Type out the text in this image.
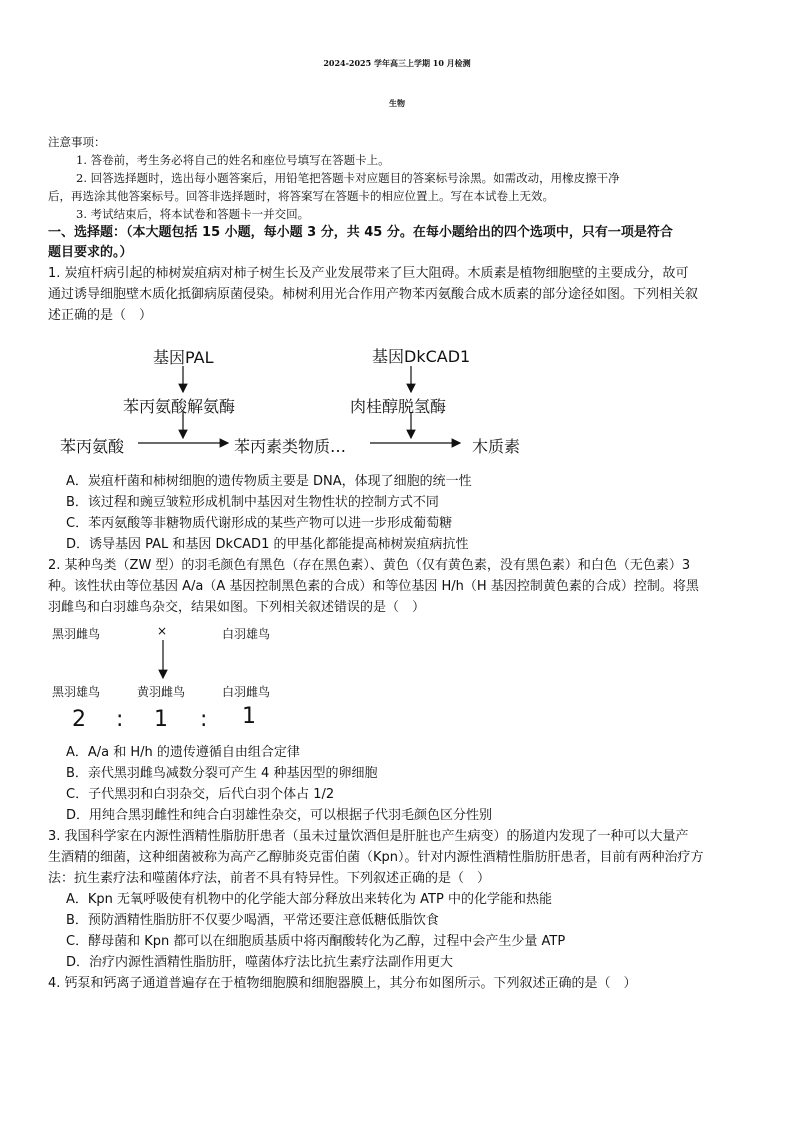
2024-2025 学年高三上学期 10 月检测
生物
注意事项：
1. 答卷前，考生务必将自己的姓名和座位号填写在答题卡上。
2. 回答选择题时，选出每小题答案后，用铅笔把答题卡对应题目的答案标号涂黑。如需改动，用橡皮擦干净
后，再选涂其他答案标号。回答非选择题时，将答案写在答题卡的相应位置上。写在本试卷上无效。
3. 考试结束后，将本试卷和答题卡一并交回。
一、选择题：（本大题包括 15 小题，每小题 3 分，共 45 分。在每小题给出的四个选项中，只有一项是符合
题目要求的。）
1. 炭疽杆病引起的柿树炭疽病对柿子树生长及产业发展带来了巨大阻碍。木质素是植物细胞壁的主要成分，故可
通过诱导细胞壁木质化抵御病原菌侵染。柿树利用光合作用产物苯丙氨酸合成木质素的部分途径如图。下列相关叙
述正确的是（　）
基因PAL
苯丙氨酸解氨酶
基因DkCAD1
肉桂醇脱氢酶
苯丙氨酸	苯丙素类物质…	木质素
A．炭疽杆菌和柿树细胞的遗传物质主要是 DNA，体现了细胞的统一性
B．该过程和豌豆皱粒形成机制中基因对生物性状的控制方式不同
C．苯丙氨酸等非糖物质代谢形成的某些产物可以进一步形成葡萄糖
D．诱导基因 PAL 和基因 DkCAD1 的甲基化都能提高柿树炭疽病抗性
2. 某种鸟类（ZW 型）的羽毛颜色有黑色（存在黑色素）、黄色（仅有黄色素，没有黑色素）和白色（无色素）3
种。该性状由等位基因 A/a（A 基因控制黑色素的合成）和等位基因 H/h（H 基因控制黄色素的合成）控制。将黑
羽雌鸟和白羽雄鸟杂交，结果如图。下列相关叙述错误的是（　）
黑羽雌鸟	×	白羽雄鸟
黑羽雄鸟	黄羽雌鸟	白羽雌鸟
2 : 1 : 1
A．A/a 和 H/h 的遗传遵循自由组合定律
B．亲代黑羽雌鸟减数分裂可产生 4 种基因型的卵细胞
C．子代黑羽和白羽杂交，后代白羽个体占 1/2
D．用纯合黑羽雌性和纯合白羽雄性杂交，可以根据子代羽毛颜色区分性别
3. 我国科学家在内源性酒精性脂肪肝患者（虽未过量饮酒但是肝脏也产生病变）的肠道内发现了一种可以大量产
生酒精的细菌，这种细菌被称为高产乙醇肺炎克雷伯菌（Kpn）。针对内源性酒精性脂肪肝患者，目前有两种治疗方
法：抗生素疗法和噬菌体疗法，前者不具有特异性。下列叙述正确的是（　）
A．Kpn 无氧呼吸使有机物中的化学能大部分释放出来转化为 ATP 中的化学能和热能
B．预防酒精性脂肪肝不仅要少喝酒，平常还要注意低糖低脂饮食
C．酵母菌和 Kpn 都可以在细胞质基质中将丙酮酸转化为乙醇，过程中会产生少量 ATP
D．治疗内源性酒精性脂肪肝，噬菌体疗法比抗生素疗法副作用更大
4. 钙泵和钙离子通道普遍存在于植物细胞膜和细胞器膜上，其分布如图所示。下列叙述正确的是（　）
